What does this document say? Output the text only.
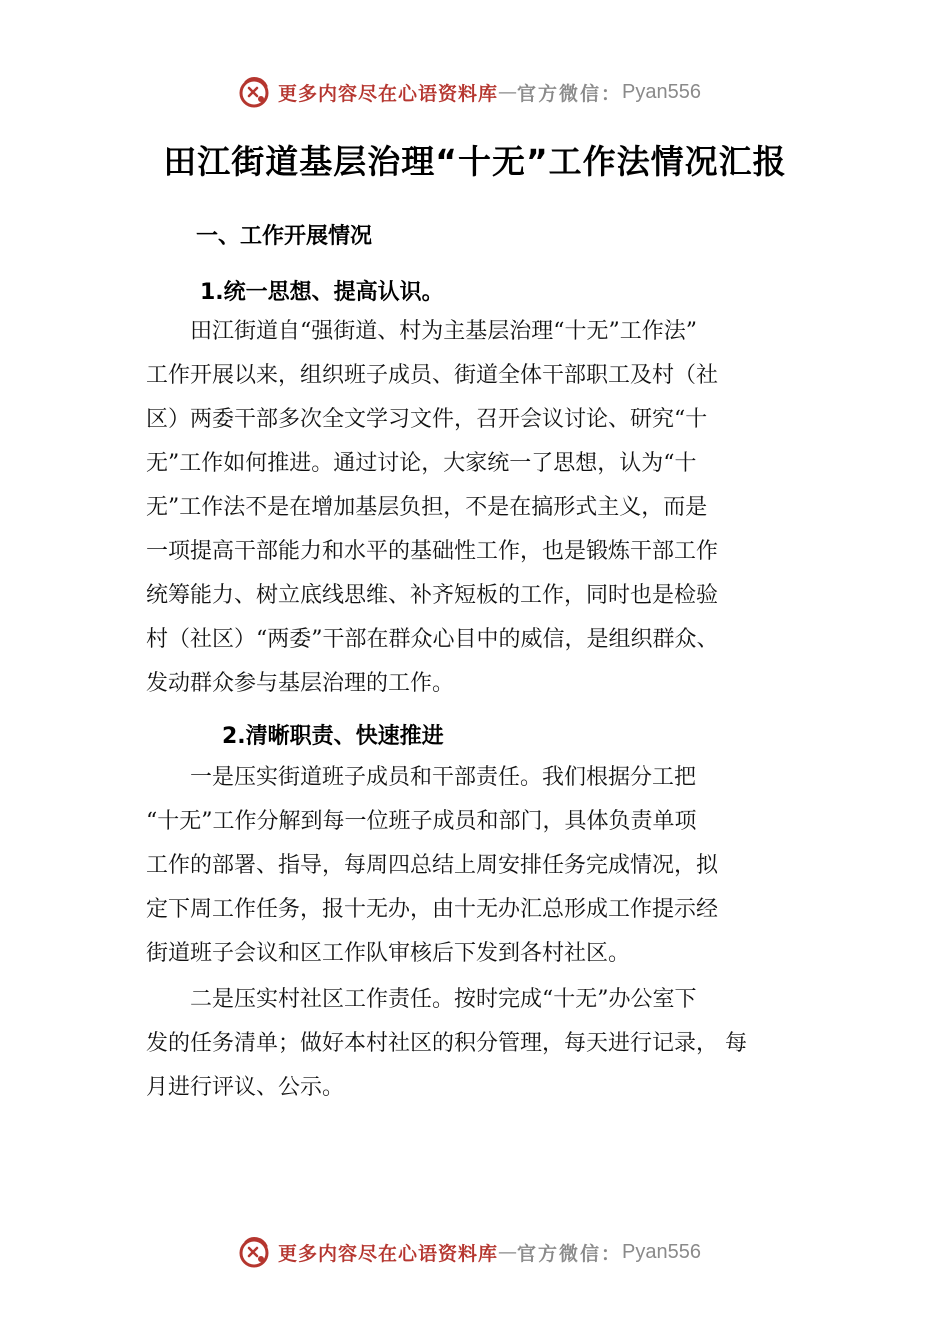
更多内容尽在心语资料库 — 官方微信： Pyan556
田江街道基层治理“十无”工作法情况汇报
一、工作开展情况
1.统一思想、提高认识。
　　田江街道自“强街道、村为主基层治理“十无”工作法”
工作开展以来，组织班子成员、街道全体干部职工及村（社
区）两委干部多次全文学习文件，召开会议讨论、研究“十
无”工作如何推进。通过讨论，大家统一了思想，认为“十
无”工作法不是在增加基层负担，不是在搞形式主义，而是
一项提高干部能力和水平的基础性工作，也是锻炼干部工作
统筹能力、树立底线思维、补齐短板的工作，同时也是检验
村（社区）“两委”干部在群众心目中的威信，是组织群众、
发动群众参与基层治理的工作。
2.清晰职责、快速推进
　　一是压实街道班子成员和干部责任。我们根据分工把
“十无”工作分解到每一位班子成员和部门，具体负责单项
工作的部署、指导，每周四总结上周安排任务完成情况，拟
定下周工作任务，报十无办，由十无办汇总形成工作提示经
街道班子会议和区工作队审核后下发到各村社区。
　　二是压实村社区工作责任。按时完成“十无”办公室下
发的任务清单；做好本村社区的积分管理，每天进行记录， 每
月进行评议、公示。
更多内容尽在心语资料库 — 官方微信： Pyan556
